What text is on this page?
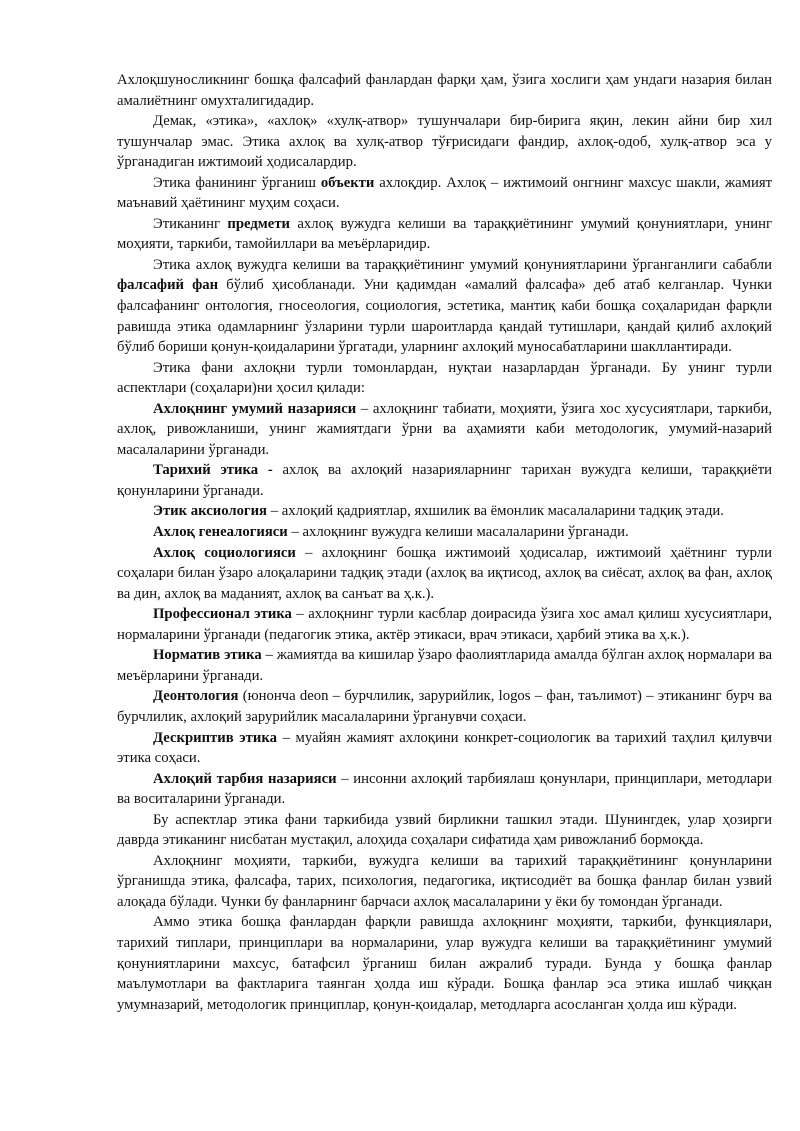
Ахлоқшуносликнинг бошқа фалсафий фанлардан фарқи ҳам, ўзига хослиги ҳам ундаги назария билан амалиётнинг омухталигидадир.

Демак, «этика», «ахлоқ» «хулқ-атвор» тушунчалари бир-бирига яқин, лекин айни бир хил тушунчалар эмас. Этика ахлоқ ва хулқ-атвор тўғрисидаги фандир, ахлоқ-одоб, хулқ-атвор эса у ўрганадиган ижтимоий ҳодисалардир.

Этика фанининг ўрганиш объекти ахлоқдир. Ахлоқ – ижтимоий онгнинг махсус шакли, жамият маънавий ҳаётининг муҳим соҳаси.

Этиканинг предмети ахлоқ вужудга келиши ва тараққиётининг умумий қонуниятлари, унинг моҳияти, таркиби, тамойиллари ва меъёрларидир.

Этика ахлоқ вужудга келиши ва тараққиётининг умумий қонуниятларини ўрганганлиги сабабли фалсафий фан бўлиб ҳисобланади. Уни қадимдан «амалий фалсафа» деб атаб келганлар. Чунки фалсафанинг онтология, гносеология, социология, эстетика, мантиқ каби бошқа соҳаларидан фарқли равишда этика одамларнинг ўзларини турли шароитларда қандай тутишлари, қандай қилиб ахлоқий бўлиб бориши қонун-қоидаларини ўргатади, уларнинг ахлоқий муносабатларини шакллантиради.

Этика фани ахлоқни турли томонлардан, нуқтаи назарлардан ўрганади. Бу унинг турли аспектлари (соҳалари)ни ҳосил қилади:

Ахлоқнинг умумий назарияси – ахлоқнинг табиати, моҳияти, ўзига хос хусусиятлари, таркиби, ахлоқ, ривожланиши, унинг жамиятдаги ўрни ва аҳамияти каби методологик, умумий-назарий масалаларини ўрганади.

Тарихий этика - ахлоқ ва ахлоқий назарияларнинг тарихан вужудга келиши, тараққиёти қонунларини ўрганади.

Этик аксиология – ахлоқий қадриятлар, яхшилик ва ёмонлик масалаларини тадқиқ этади.

Ахлоқ генеалогияси – ахлоқнинг вужудга келиши масалаларини ўрганади.

Ахлоқ социологияси – ахлоқнинг бошқа ижтимоий ҳодисалар, ижтимоий ҳаётнинг турли соҳалари билан ўзаро алоқаларини тадқиқ этади (ахлоқ ва иқтисод, ахлоқ ва сиёсат, ахлоқ ва фан, ахлоқ ва дин, ахлоқ ва маданият, ахлоқ ва санъат ва ҳ.к.).

Профессионал этика – ахлоқнинг турли касблар доирасида ўзига хос амал қилиш хусусиятлари, нормаларини ўрганади (педагогик этика, актёр этикаси, врач этикаси, ҳарбий этика ва ҳ.к.).

Норматив этика – жамиятда ва кишилар ўзаро фаолиятларида амалда бўлган ахлоқ нормалари ва меъёрларини ўрганади.

Деонтология (юнонча deon – бурчлилик, зарурийлик, logos – фан, таълимот) – этиканинг бурч ва бурчлилик, ахлоқий зарурийлик масалаларини ўрганувчи соҳаси.

Дескриптив этика – муайян жамият ахлоқини конкрет-социологик ва тарихий таҳлил қилувчи этика соҳаси.

Ахлоқий тарбия назарияси – инсонни ахлоқий тарбиялаш қонунлари, принциплари, методлари ва воситаларини ўрганади.

Бу аспектлар этика фани таркибида узвий бирликни ташкил этади. Шунингдек, улар ҳозирги даврда этиканинг нисбатан мустақил, алоҳида соҳалари сифатида ҳам ривожланиб бормоқда.

Ахлоқнинг моҳияти, таркиби, вужудга келиши ва тарихий тараққиётининг қонунларини ўрганишда этика, фалсафа, тарих, психология, педагогика, иқтисодиёт ва бошқа фанлар билан узвий алоқада бўлади. Чунки бу фанларнинг барчаси ахлоқ масалаларини у ёки бу томондан ўрганади.

Аммо этика бошқа фанлардан фарқли равишда ахлоқнинг моҳияти, таркиби, функциялари, тарихий типлари, принциплари ва нормаларини, улар вужудга келиши ва тараққиётининг умумий қонуниятларини махсус, батафсил ўрганиш билан ажралиб туради. Бунда у бошқа фанлар маълумотлари ва фактларига таянган ҳолда иш кўради. Бошқа фанлар эса этика ишлаб чиққан умумназарий, методологик принциплар, қонун-қоидалар, методларга асосланган ҳолда иш кўради.
